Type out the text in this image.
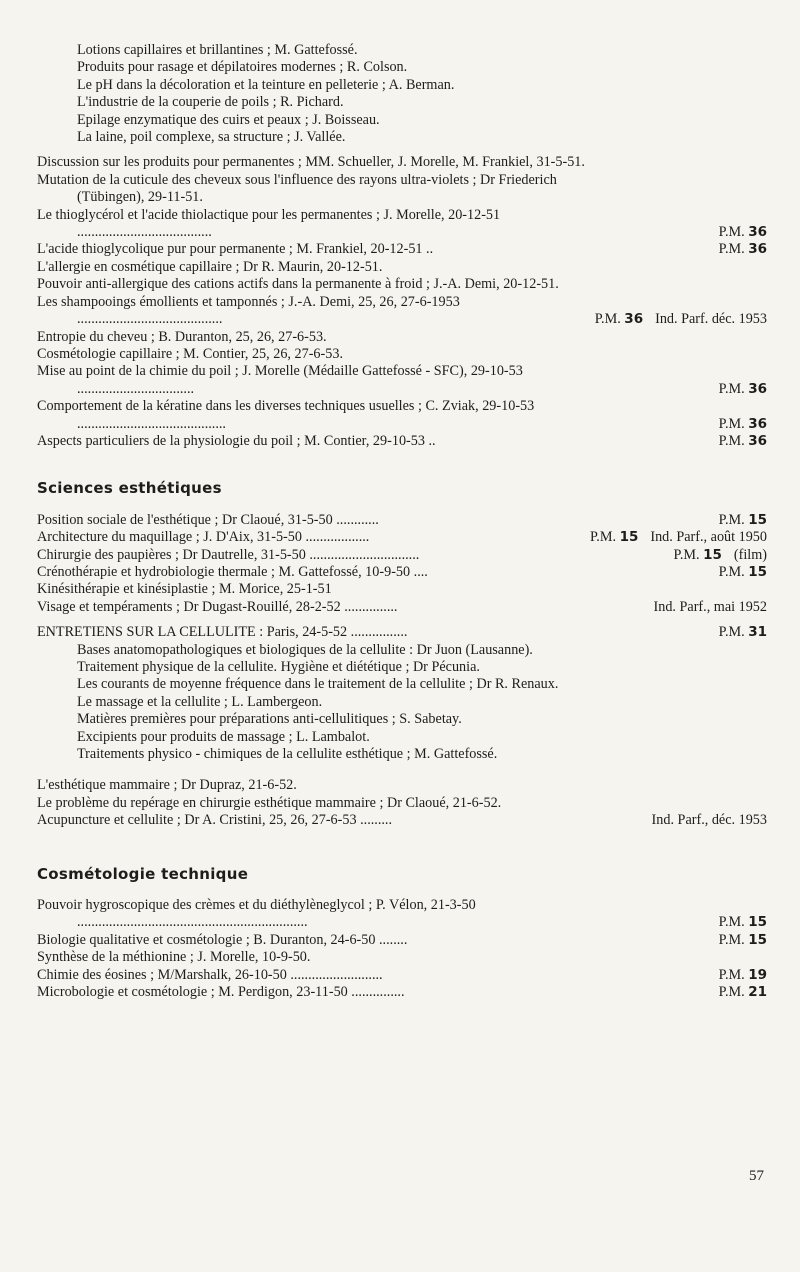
Lotions capillaires et brillantines ; M. Gattefossé.
Produits pour rasage et dépilatoires modernes ; R. Colson.
Le pH dans la décoloration et la teinture en pelleterie ; A. Berman.
L'industrie de la couperie de poils ; R. Pichard.
Epilage enzymatique des cuirs et peaux ; J. Boisseau.
La laine, poil complexe, sa structure ; J. Vallée.
Discussion sur les produits pour permanentes ; MM. Schueller, J. Morelle, M. Frankiel, 31-5-51.
Mutation de la cuticule des cheveux sous l'influence des rayons ultra-violets ; Dr Friederich (Tübingen), 29-11-51.
Le thioglycérol et l'acide thiolactique pour les permanentes ; J. Morelle, 20-12-51 ......................................	P.M. 36
L'acide thioglycolique pur pour permanente ; M. Frankiel, 20-12-51 ..	P.M. 36
L'allergie en cosmétique capillaire ; Dr R. Maurin, 20-12-51.
Pouvoir anti-allergique des cations actifs dans la permanente à froid ; J.-A. Demi, 20-12-51.
Les shampooings émollients et tamponnés ; J.-A. Demi, 25, 26, 27-6-1953 .........................................	P.M. 36 Ind. Parf. déc. 1953
Entropie du cheveu ; B. Duranton, 25, 26, 27-6-53.
Cosmétologie capillaire ; M. Contier, 25, 26, 27-6-53.
Mise au point de la chimie du poil ; J. Morelle (Médaille Gattefossé - SFC), 29-10-53 .................................	P.M. 36
Comportement de la kératine dans les diverses techniques usuelles ; C. Zviak, 29-10-53 ..........................................	P.M. 36
Aspects particuliers de la physiologie du poil ; M. Contier, 29-10-53 ..	P.M. 36
Sciences esthétiques
Position sociale de l'esthétique ; Dr Claoué, 31-5-50 ............	P.M. 15
Architecture du maquillage ; J. D'Aix, 31-5-50 ..................	P.M. 15 Ind. Parf., août 1950
Chirurgie des paupières ; Dr Dautrelle, 31-5-50 ...............................	P.M. 15 (film)
Crénothérapie et hydrobiologie thermale ; M. Gattefossé, 10-9-50 ....	P.M. 15
Kinésithérapie et kinésiplastie ; M. Morice, 25-1-51
Visage et tempéraments ; Dr Dugast-Rouillé, 28-2-52 ...............	Ind. Parf., mai 1952
ENTRETIENS SUR LA CELLULITE : Paris, 24-5-52 ................	P.M. 31
Bases anatomopathologiques et biologiques de la cellulite : Dr Juon (Lausanne).
Traitement physique de la cellulite. Hygiène et diététique ; Dr Pécunia.
Les courants de moyenne fréquence dans le traitement de la cellulite ; Dr R. Renaux.
Le massage et la cellulite ; L. Lambergeon.
Matières premières pour préparations anti-cellulitiques ; S. Sabetay.
Excipients pour produits de massage ; L. Lambalot.
Traitements physico - chimiques de la cellulite esthétique ; M. Gattefossé.
L'esthétique mammaire ; Dr Dupraz, 21-6-52.
Le problème du repérage en chirurgie esthétique mammaire ; Dr Claoué, 21-6-52.
Acupuncture et cellulite ; Dr A. Cristini, 25, 26, 27-6-53 .........	Ind. Parf., déc. 1953
Cosmétologie technique
Pouvoir hygroscopique des crèmes et du diéthylèneglycol ; P. Vélon, 21-3-50 .................................................................	P.M. 15
Biologie qualitative et cosmétologie ; B. Duranton, 24-6-50 ........	P.M. 15
Synthèse de la méthionine ; J. Morelle, 10-9-50.
Chimie des éosines ; M/Marshalk, 26-10-50 ..........................	P.M. 19
Microbologie et cosmétologie ; M. Perdigon, 23-11-50 ...............	P.M. 21
57
